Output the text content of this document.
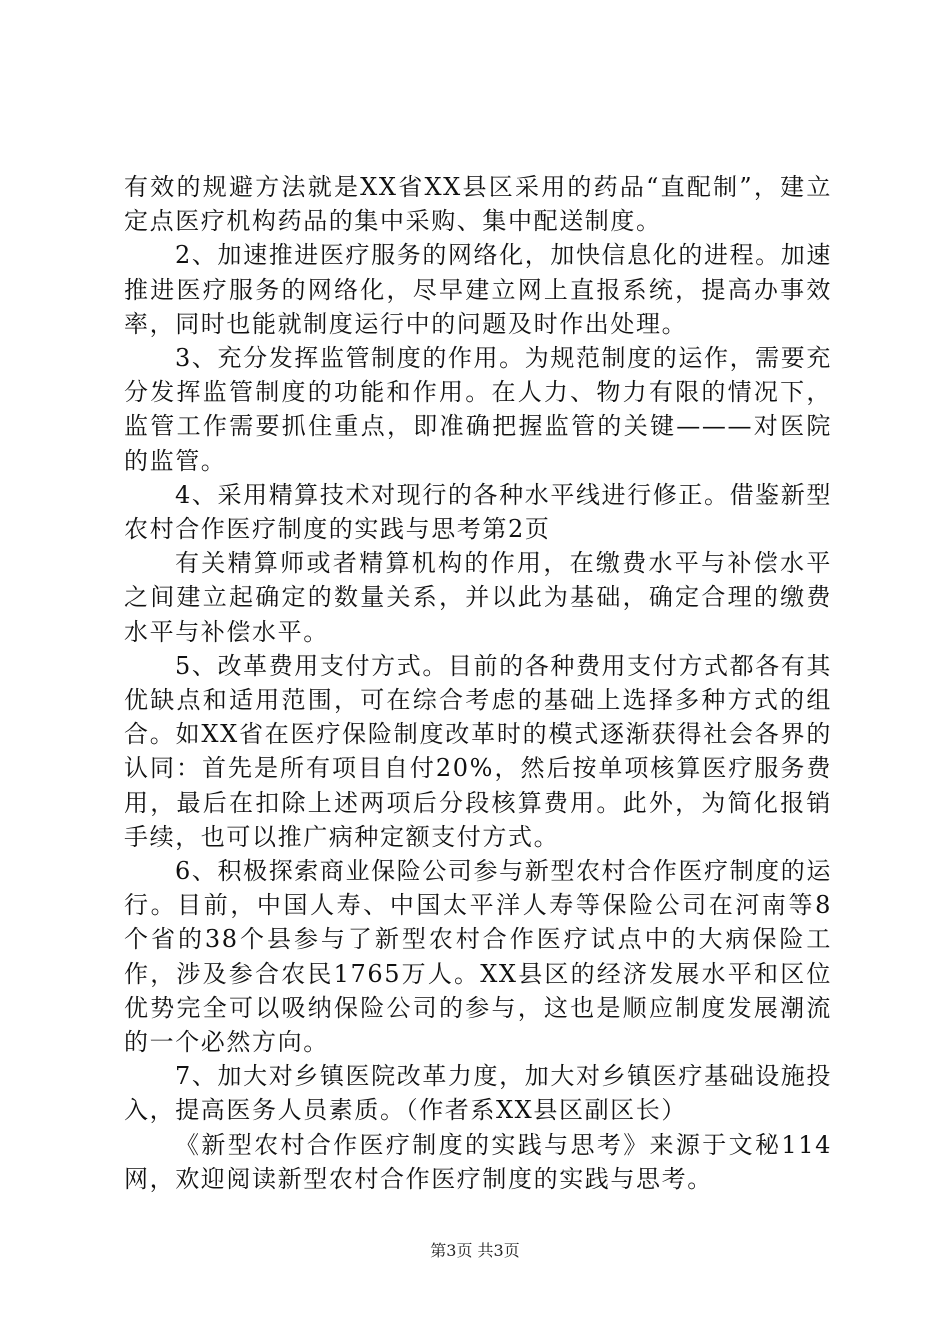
有效的规避方法就是XX省XX县区采用的药品“直配制”，建立定点医疗机构药品的集中采购、集中配送制度。

2、加速推进医疗服务的网络化，加快信息化的进程。加速推进医疗服务的网络化，尽早建立网上直报系统，提高办事效率，同时也能就制度运行中的问题及时作出处理。

3、充分发挥监管制度的作用。为规范制度的运作，需要充分发挥监管制度的功能和作用。在人力、物力有限的情况下，监管工作需要抓住重点，即准确把握监管的关键———对医院的监管。

4、采用精算技术对现行的各种水平线进行修正。借鉴新型农村合作医疗制度的实践与思考第2页

有关精算师或者精算机构的作用，在缴费水平与补偿水平之间建立起确定的数量关系，并以此为基础，确定合理的缴费水平与补偿水平。

5、改革费用支付方式。目前的各种费用支付方式都各有其优缺点和适用范围，可在综合考虑的基础上选择多种方式的组合。如XX省在医疗保险制度改革时的模式逐渐获得社会各界的认同：首先是所有项目自付20%，然后按单项核算医疗服务费用，最后在扣除上述两项后分段核算费用。此外，为简化报销手续，也可以推广病种定额支付方式。

6、积极探索商业保险公司参与新型农村合作医疗制度的运行。目前，中国人寿、中国太平洋人寿等保险公司在河南等8个省的38个县参与了新型农村合作医疗试点中的大病保险工作，涉及参合农民1765万人。XX县区的经济发展水平和区位优势完全可以吸纳保险公司的参与，这也是顺应制度发展潮流的一个必然方向。

7、加大对乡镇医院改革力度，加大对乡镇医疗基础设施投入，提高医务人员素质。（作者系XX县区副区长）

《新型农村合作医疗制度的实践与思考》来源于文秘114网，欢迎阅读新型农村合作医疗制度的实践与思考。

第3页 共3页
